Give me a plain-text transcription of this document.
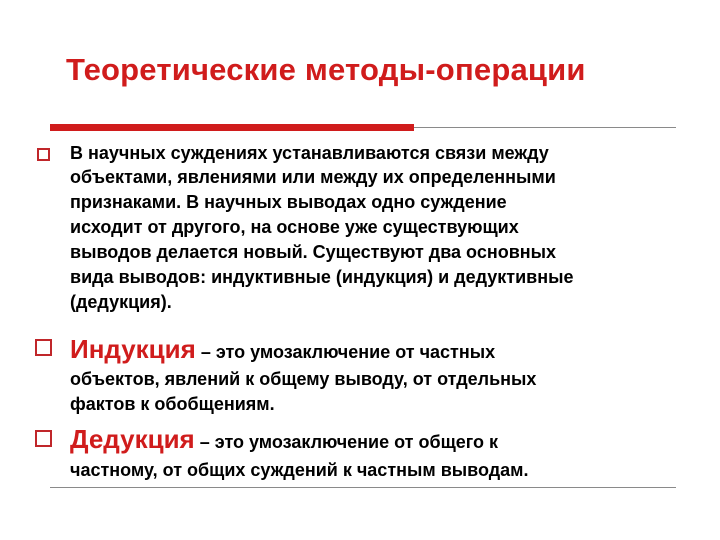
Теоретические методы-операции
В научных суждениях устанавливаются связи между
объектами, явлениями или между их определенными
признаками. В научных выводах одно суждение
исходит от другого, на основе уже существующих
выводов делается новый. Существуют два основных
вида выводов: индуктивные (индукция) и дедуктивные
(дедукция).
Индукция – это умозаключение от частных
объектов, явлений к общему выводу, от отдельных
фактов к обобщениям.
Дедукция – это умозаключение от общего к
частному, от общих суждений к частным выводам.
